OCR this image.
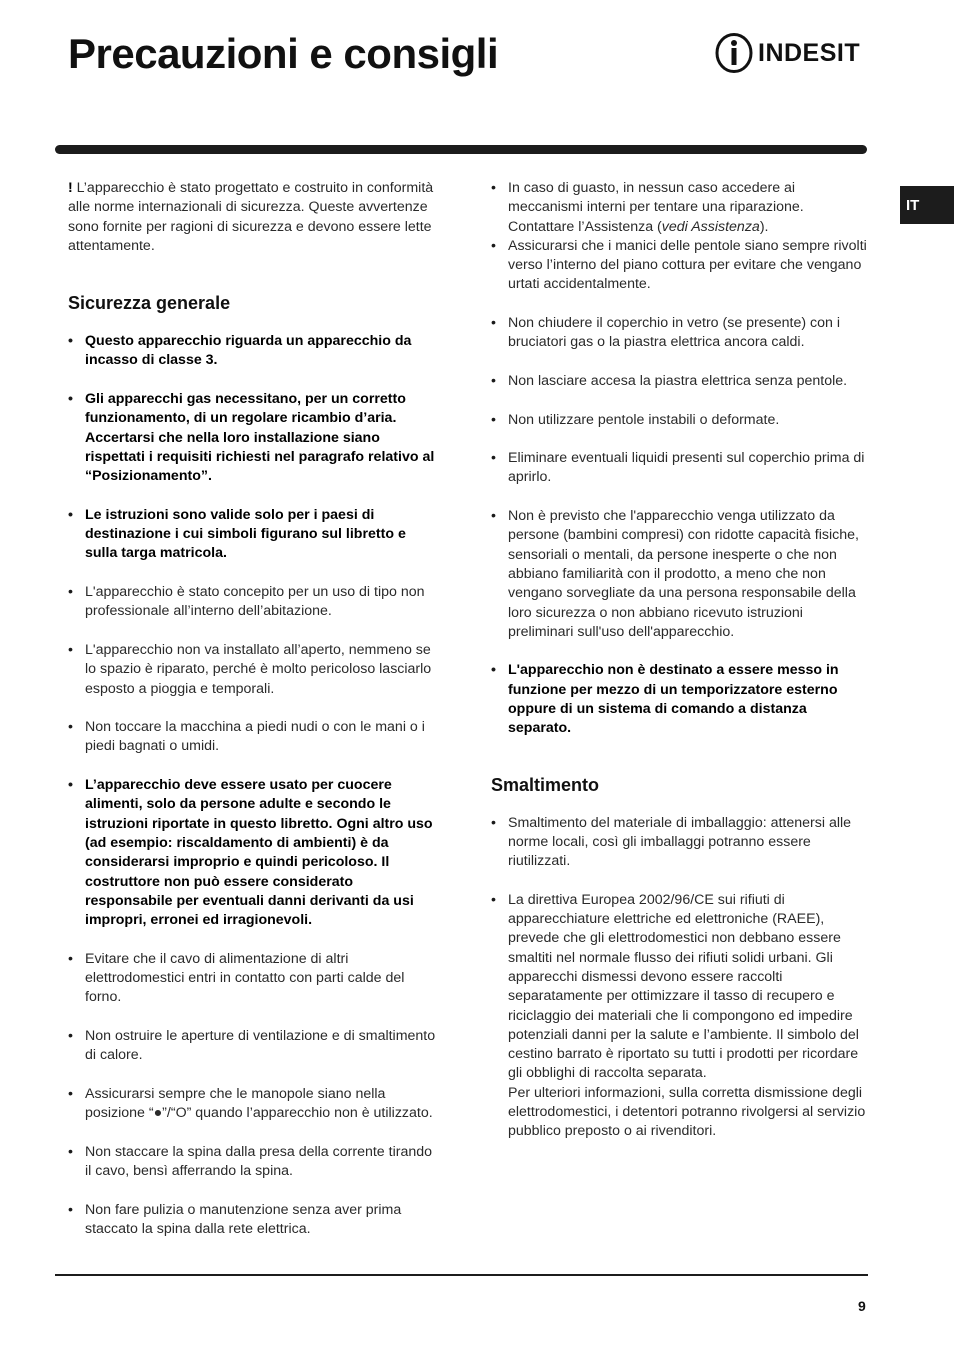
Precauzioni e consigli	INDESIT
IT

! L’apparecchio è stato progettato e costruito in conformità alle norme internazionali di sicurezza. Queste avvertenze sono fornite per ragioni di sicurezza e devono essere lette attentamente.

Sicurezza generale
• Questo apparecchio riguarda un apparecchio da incasso di classe 3.
• Gli apparecchi gas necessitano, per un corretto funzionamento, di un regolare ricambio d’aria. Accertarsi che nella loro installazione siano rispettati i requisiti richiesti nel paragrafo relativo al “Posizionamento”.
• Le istruzioni sono valide solo per i paesi di destinazione i cui simboli figurano sul libretto e sulla targa matricola.
• L'apparecchio è stato concepito per un uso di tipo non professionale all’interno dell’abitazione.
• L'apparecchio non va installato all’aperto, nemmeno se lo spazio è riparato, perché è molto pericoloso lasciarlo esposto a pioggia e temporali.
• Non toccare la macchina a piedi nudi o con le mani o i piedi bagnati o umidi.
• L’apparecchio deve essere usato per cuocere alimenti, solo da persone adulte e secondo le istruzioni riportate in questo libretto. Ogni altro uso (ad esempio: riscaldamento di ambienti) è da considerarsi improprio e quindi pericoloso. Il costruttore non può essere considerato responsabile per eventuali danni derivanti da usi impropri, erronei ed irragionevoli.
• Evitare che il cavo di alimentazione di altri elettrodomestici entri in contatto con parti calde del forno.
• Non ostruire le aperture di ventilazione e di smaltimento di calore.
• Assicurarsi sempre che le manopole siano nella posizione “●”/“O” quando l’apparecchio non è utilizzato.
• Non staccare la spina dalla presa della corrente tirando il cavo, bensì afferrando la spina.
• Non fare pulizia o manutenzione senza aver prima staccato la spina dalla rete elettrica.
• In caso di guasto, in nessun caso accedere ai meccanismi interni per tentare una riparazione. Contattare l’Assistenza (vedi Assistenza).
• Assicurarsi che i manici delle pentole siano sempre rivolti verso l’interno del piano cottura per evitare che vengano urtati accidentalmente.
• Non chiudere il coperchio in vetro (se presente) con i bruciatori gas o la piastra elettrica ancora caldi.
• Non lasciare accesa la piastra elettrica senza pentole.
• Non utilizzare pentole instabili o deformate.
• Eliminare eventuali liquidi presenti sul coperchio prima di aprirlo.
• Non è previsto che l'apparecchio venga utilizzato da persone (bambini compresi) con ridotte capacità fisiche, sensoriali o mentali, da persone inesperte o che non abbiano familiarità con il prodotto, a meno che non vengano sorvegliate da una persona responsabile della loro sicurezza o non abbiano ricevuto istruzioni preliminari sull'uso dell'apparecchio.
• L'apparecchio non è destinato a essere messo in funzione per mezzo di un temporizzatore esterno oppure di un sistema di comando a distanza separato.
Smaltimento
• Smaltimento del materiale di imballaggio: attenersi alle norme locali, così gli imballaggi potranno essere riutilizzati.
• La direttiva Europea 2002/96/CE sui rifiuti di apparecchiature elettriche ed elettroniche (RAEE), prevede che gli elettrodomestici non debbano essere smaltiti nel normale flusso dei rifiuti solidi urbani. Gli apparecchi dismessi devono essere raccolti separatamente per ottimizzare il tasso di recupero e riciclaggio dei materiali che li compongono ed impedire potenziali danni per la salute e l’ambiente. Il simbolo del cestino barrato è riportato su tutti i prodotti per ricordare gli obblighi di raccolta separata.
Per ulteriori informazioni, sulla corretta dismissione degli elettrodomestici, i detentori potranno rivolgersi al servizio pubblico preposto o ai rivenditori.
9
